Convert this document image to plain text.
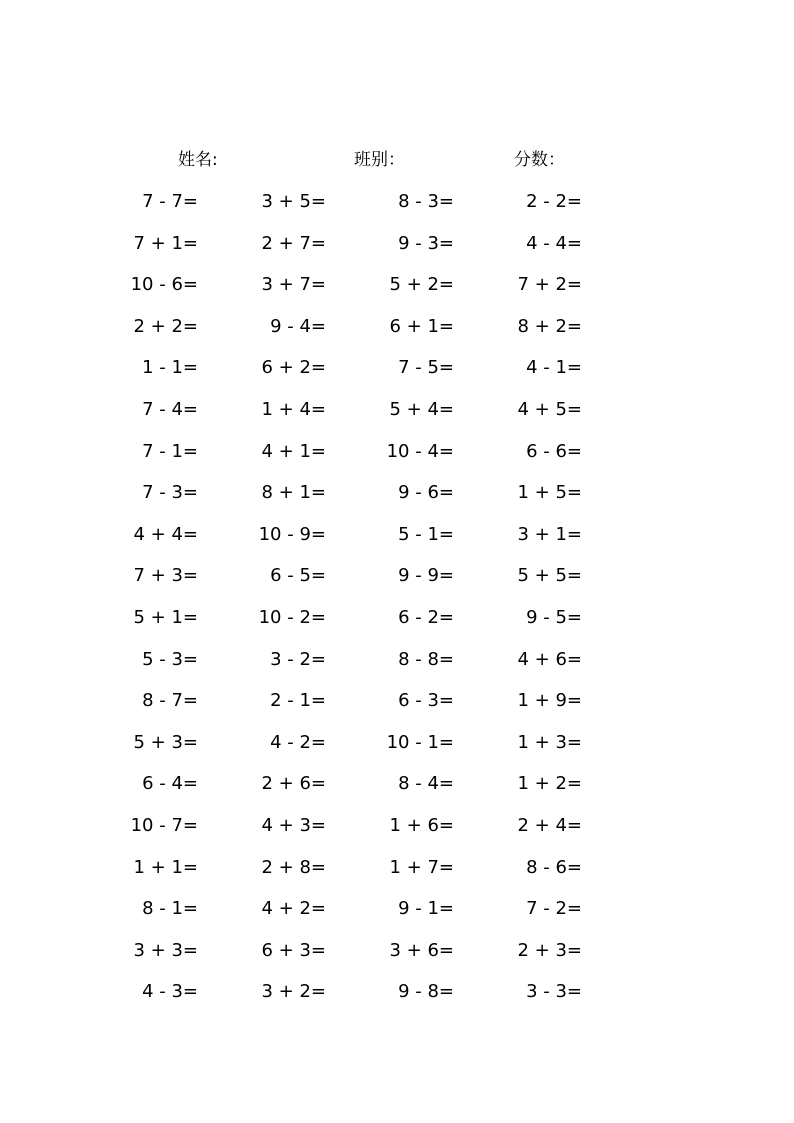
姓名:	班别：	分数：
7 - 7=	3 + 5=	8 - 3=	2 - 2=
7 + 1=	2 + 7=	9 - 3=	4 - 4=
10 - 6=	3 + 7=	5 + 2=	7 + 2=
2 + 2=	9 - 4=	6 + 1=	8 + 2=
1 - 1=	6 + 2=	7 - 5=	4 - 1=
7 - 4=	1 + 4=	5 + 4=	4 + 5=
7 - 1=	4 + 1=	10 - 4=	6 - 6=
7 - 3=	8 + 1=	9 - 6=	1 + 5=
4 + 4=	10 - 9=	5 - 1=	3 + 1=
7 + 3=	6 - 5=	9 - 9=	5 + 5=
5 + 1=	10 - 2=	6 - 2=	9 - 5=
5 - 3=	3 - 2=	8 - 8=	4 + 6=
8 - 7=	2 - 1=	6 - 3=	1 + 9=
5 + 3=	4 - 2=	10 - 1=	1 + 3=
6 - 4=	2 + 6=	8 - 4=	1 + 2=
10 - 7=	4 + 3=	1 + 6=	2 + 4=
1 + 1=	2 + 8=	1 + 7=	8 - 6=
8 - 1=	4 + 2=	9 - 1=	7 - 2=
3 + 3=	6 + 3=	3 + 6=	2 + 3=
4 - 3=	3 + 2=	9 - 8=	3 - 3=
